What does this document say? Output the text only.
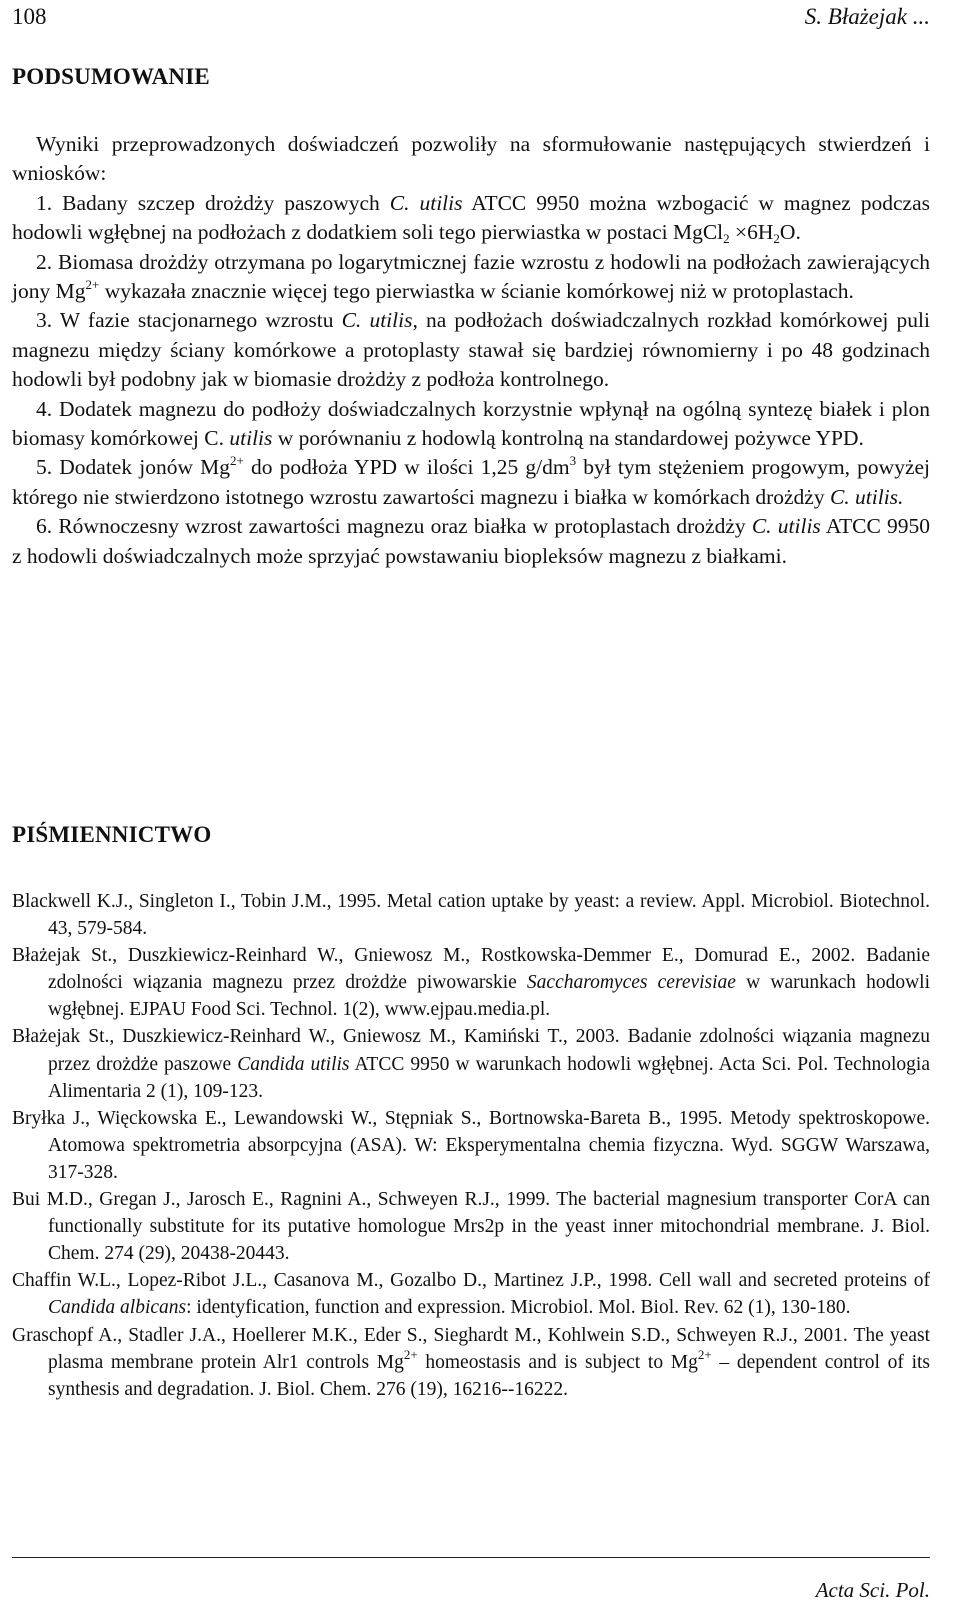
108	S. Błażejak ...
PODSUMOWANIE

Wyniki przeprowadzonych doświadczeń pozwoliły na sformułowanie następujących stwierdzeń i wniosków:

1. Badany szczep drożdży paszowych C. utilis ATCC 9950 można wzbogacić w magnez podczas hodowli wgłębnej na podłożach z dodatkiem soli tego pierwiastka w postaci MgCl$_2$ $\times 6H_2O$.

2. Biomasa drożdży otrzymana po logarytmicznej fazie wzrostu z hodowli na podłożach zawierających jony $Mg^{2+}$ wykazała znacznie więcej tego pierwiastka w ścianie komórkowej niż w protoplastach.

3. W fazie stacjonarnego wzrostu C. utilis, na podłożach doświadczalnych rozkład komórkowej puli magnezu między ściany komórkowe a protoplasty stawał się bardziej równomierny i po 48 godzinach hodowli był podobny jak w biomasie drożdży z podłoża kontrolnego.

4. Dodatek magnezu do podłoży doświadczalnych korzystnie wpłynął na ogólną syntezę białek i plon biomasy komórkowej C. utilis w porównaniu z hodowlą kontrolną na standardowej pożywce YPD.

5. Dodatek jonów $Mg^{2+}$ do podłoża YPD w ilości 1,25 $g/dm^3$ był tym stężeniem progowym, powyżej którego nie stwierdzono istotnego wzrostu zawartości magnezu i białka w komórkach drożdży C. utilis.

6. Równoczesny wzrost zawartości magnezu oraz białka w protoplastach drożdży C. utilis ATCC 9950 z hodowli doświadczalnych może sprzyjać powstawaniu biopleksów magnezu z białkami.

PIŚMIENNICTWO

Blackwell K.J., Singleton I., Tobin J.M., 1995. Metal cation uptake by yeast: a review. Appl. Microbiol. Biotechnol. 43, 579-584.

Błażejak St., Duszkiewicz-Reinhard W., Gniewosz M., Rostkowska-Demmer E., Domurad E., 2002. Badanie zdolności wiązania magnezu przez drożdże piwowarskie Saccharomyces cerevisiae w warunkach hodowli wgłębnej. EJPAU Food Sci. Technol. 1(2), www.ejpau.media.pl.

Błażejak St., Duszkiewicz-Reinhard W., Gniewosz M., Kamiński T., 2003. Badanie zdolności wiązania magnezu przez drożdże paszowe Candida utilis ATCC 9950 w warunkach hodowli wgłębnej. Acta Sci. Pol. Technologia Alimentaria 2 (1), 109-123.

Bryłka J., Więckowska E., Lewandowski W., Stępniak S., Bortnowska-Bareta B., 1995. Metody spektroskopowe. Atomowa spektrometria absorpcyjna (ASA). W: Eksperymentalna chemia fizyczna. Wyd. SGGW Warszawa, 317-328.

Bui M.D., Gregan J., Jarosch E., Ragnini A., Schweyen R.J., 1999. The bacterial magnesium transporter CorA can functionally substitute for its putative homologue Mrs2p in the yeast inner mitochondrial membrane. J. Biol. Chem. 274 (29), 20438-20443.

Chaffin W.L., Lopez-Ribot J.L., Casanova M., Gozalbo D., Martinez J.P., 1998. Cell wall and secreted proteins of Candida albicans: identyfication, function and expression. Microbiol. Mol. Biol. Rev. 62 (1), 130-180.

Graschopf A., Stadler J.A., Hoellerer M.K., Eder S., Sieghardt M., Kohlwein S.D., Schweyen R.J., 2001. The yeast plasma membrane protein Alr1 controls $Mg^{2+}$ homeostasis and is subject to $Mg^{2+}$ – dependent control of its synthesis and degradation. J. Biol. Chem. 276 (19), 16216--16222.

Acta Sci. Pol.
